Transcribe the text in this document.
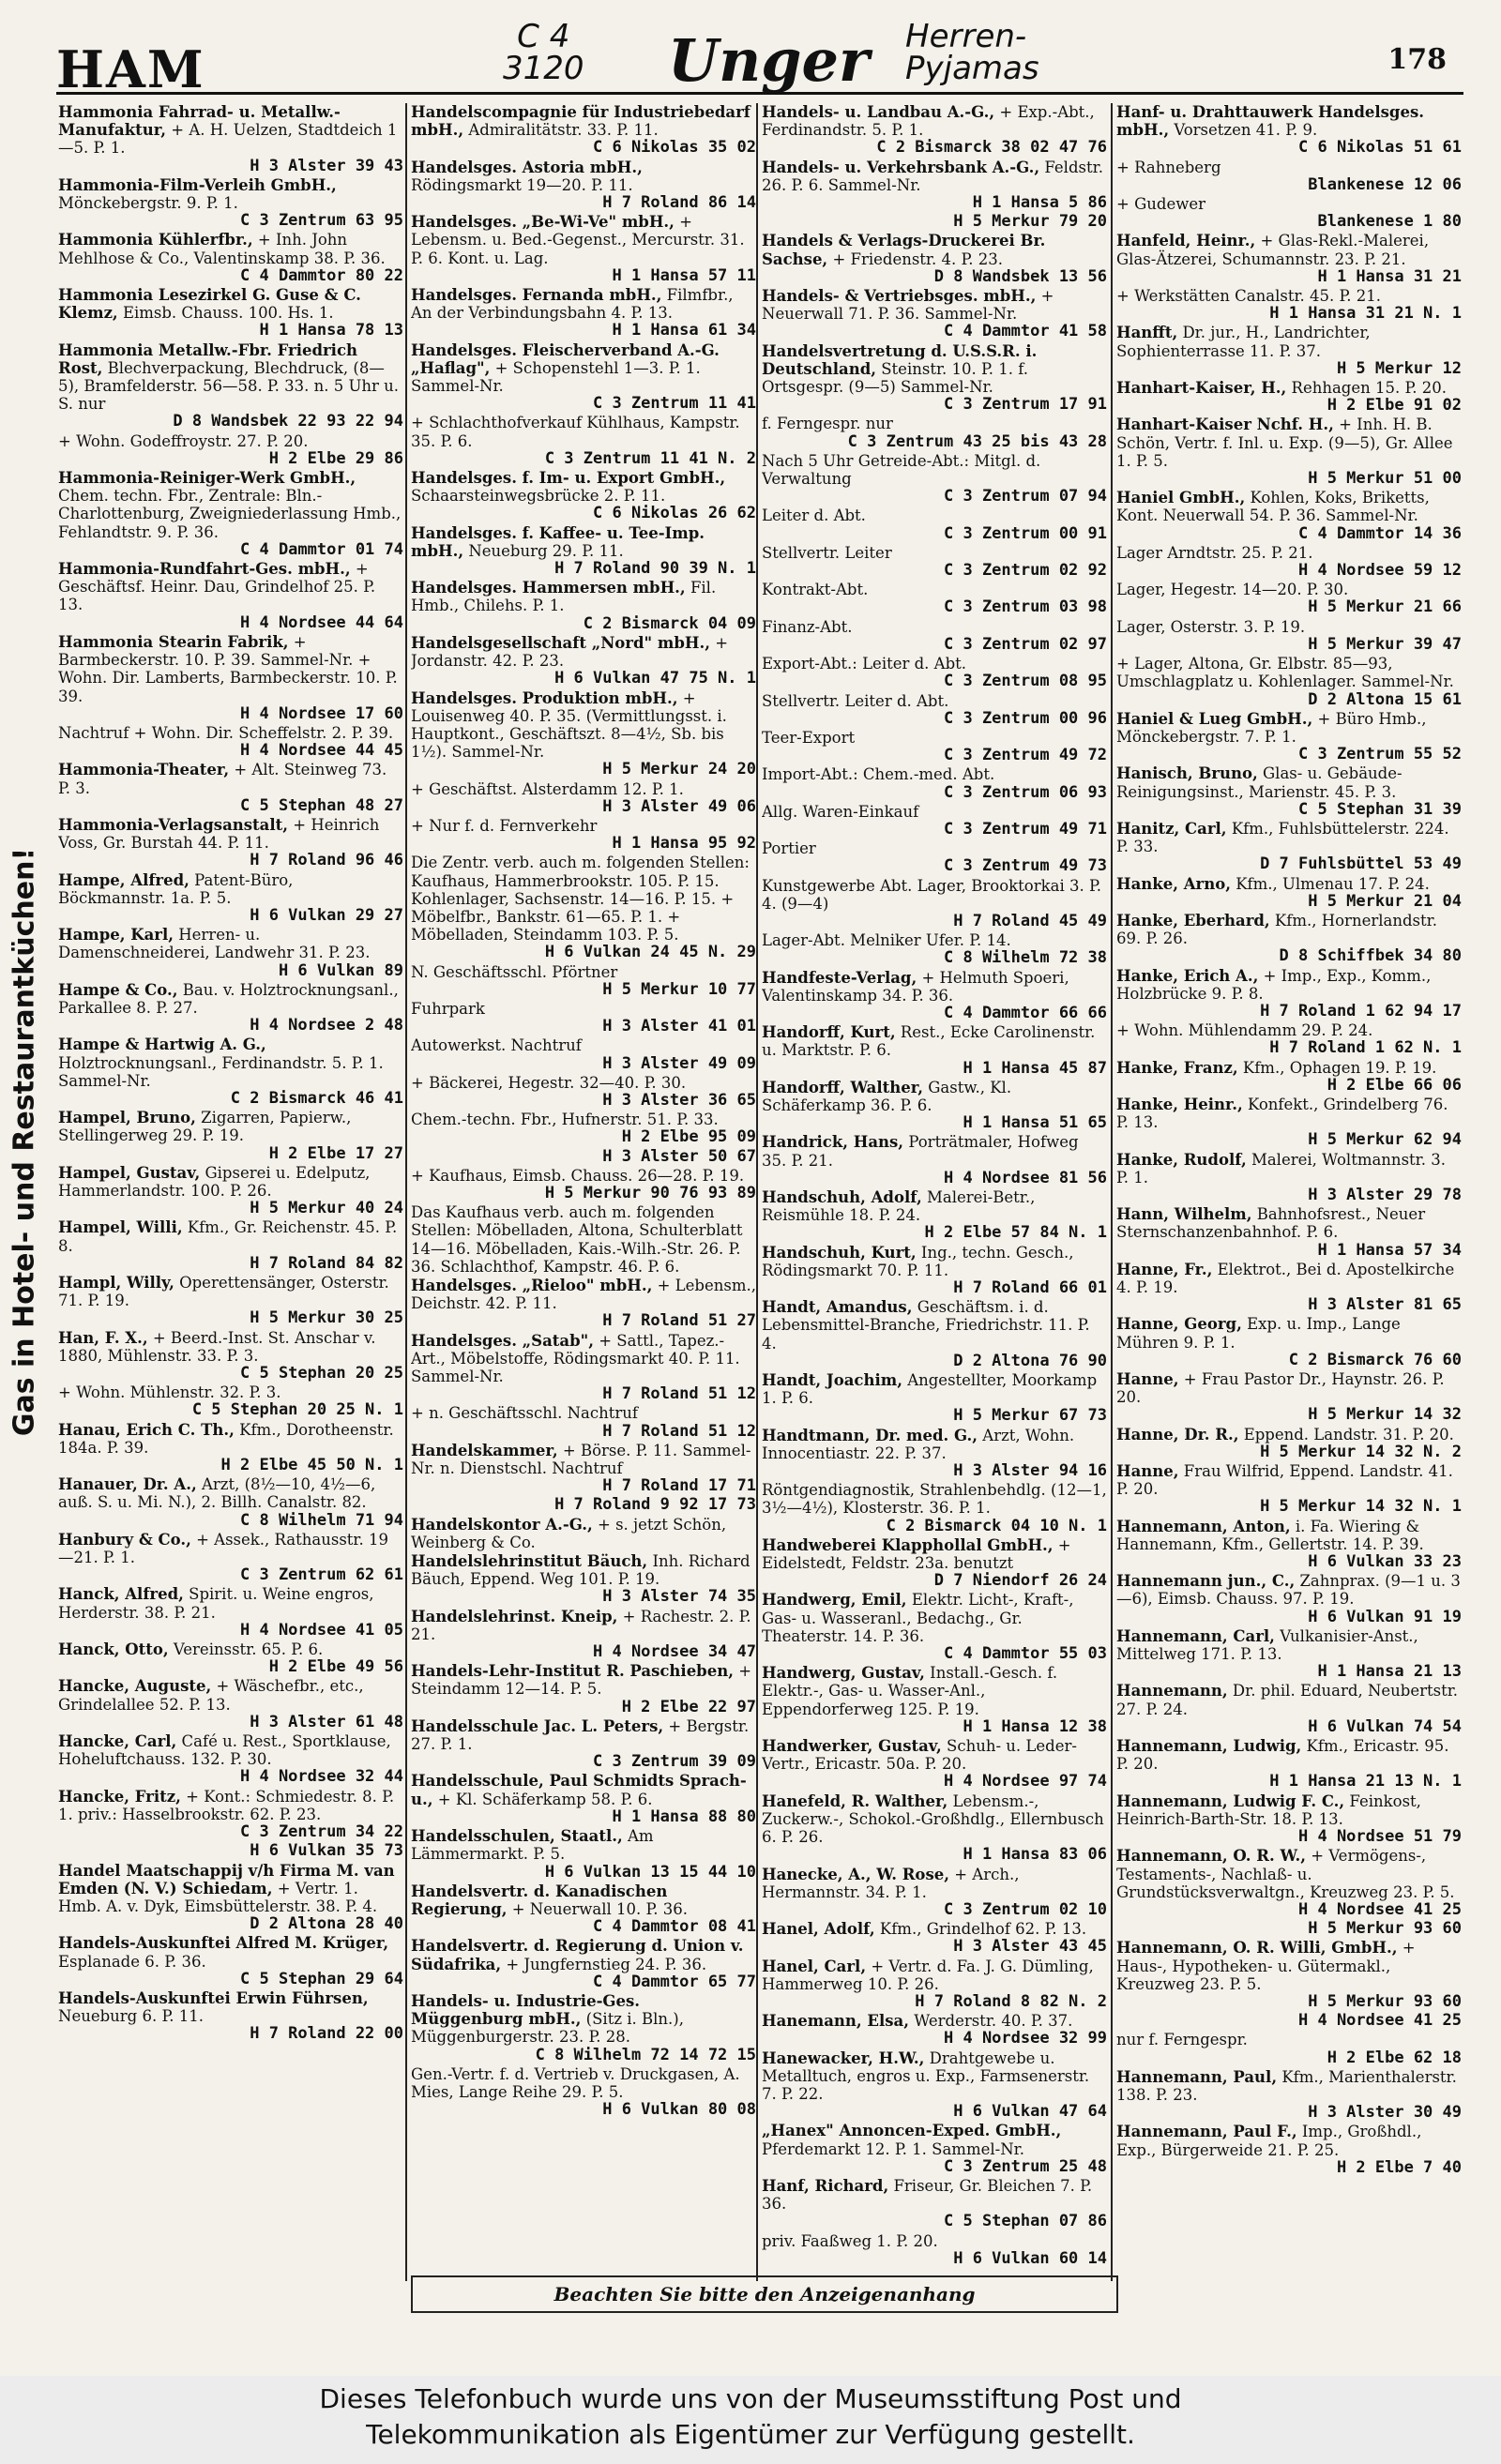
HAM
C 4
3120 Unger Herren-
Pyjamas	178
Gas in Hotel- und Restaurantküchen!
Hammonia Fahrrad- u. Metallw.-Manufaktur, + A. H. Uelzen, Stadtdeich 1—5. P. 1.
H 3 Alster 39 43
Hammonia-Film-Verleih GmbH., Mönckebergstr. 9. P. 1.
C 3 Zentrum 63 95
Hammonia Kühlerfbr., + Inh. John Mehlhose & Co., Valentinskamp 38. P. 36.
C 4 Dammtor 80 22
Hammonia Lesezirkel G. Guse & C. Klemz, Eimsb. Chauss. 100. Hs. 1.
H 1 Hansa 78 13
Hammonia Metallw.-Fbr. Friedrich Rost, Blechverpackung, Blechdruck, (8—5), Bramfelderstr. 56—58. P. 33. n. 5 Uhr u. S. nur
D 8 Wandsbek 22 93 22 94
+ Wohn. Godeffroystr. 27. P. 20.
H 2 Elbe 29 86
Hammonia-Reiniger-Werk GmbH., Chem. techn. Fbr., Zentrale: Bln.-Charlottenburg, Zweigniederlassung Hmb., Fehlandtstr. 9. P. 36.
C 4 Dammtor 01 74
Hammonia-Rundfahrt-Ges. mbH., + Geschäftsf. Heinr. Dau, Grindelhof 25. P. 13.
H 4 Nordsee 44 64
Hammonia Stearin Fabrik, + Barmbeckerstr. 10. P. 39. Sammel-Nr. + Wohn. Dir. Lamberts, Barmbeckerstr. 10. P. 39.
H 4 Nordsee 17 60
Nachtruf + Wohn. Dir. Scheffelstr. 2. P. 39.
H 4 Nordsee 44 45
Hammonia-Theater, + Alt. Steinweg 73. P. 3.
C 5 Stephan 48 27
Hammonia-Verlagsanstalt, + Heinrich Voss, Gr. Burstah 44. P. 11.
H 7 Roland 96 46
Hampe, Alfred, Patent-Büro, Böckmannstr. 1a. P. 5.
H 6 Vulkan 29 27
Hampe, Karl, Herren- u. Damenschneiderei, Landwehr 31. P. 23.
H 6 Vulkan 89
Hampe & Co., Bau. v. Holztrocknungsanl., Parkallee 8. P. 27.
H 4 Nordsee 2 48
Hampe & Hartwig A. G., Holztrocknungsanl., Ferdinandstr. 5. P. 1. Sammel-Nr.
C 2 Bismarck 46 41
Hampel, Bruno, Zigarren, Papierw., Stellingerweg 29. P. 19.
H 2 Elbe 17 27
Hampel, Gustav, Gipserei u. Edelputz, Hammerlandstr. 100. P. 26.
H 5 Merkur 40 24
Hampel, Willi, Kfm., Gr. Reichenstr. 45. P. 8.
H 7 Roland 84 82
Hampl, Willy, Operettensänger, Osterstr. 71. P. 19.
H 5 Merkur 30 25
Han, F. X., + Beerd.-Inst. St. Anschar v. 1880, Mühlenstr. 33. P. 3.
C 5 Stephan 20 25
+ Wohn. Mühlenstr. 32. P. 3.
C 5 Stephan 20 25 N. 1
Hanau, Erich C. Th., Kfm., Dorotheenstr. 184a. P. 39.
H 2 Elbe 45 50 N. 1
Hanauer, Dr. A., Arzt, (8½—10, 4½—6, auß. S. u. Mi. N.), 2. Billh. Canalstr. 82.
C 8 Wilhelm 71 94
Hanbury & Co., + Assek., Rathausstr. 19—21. P. 1.
C 3 Zentrum 62 61
Hanck, Alfred, Spirit. u. Weine engros, Herderstr. 38. P. 21.
H 4 Nordsee 41 05
Hanck, Otto, Vereinsstr. 65. P. 6.
H 2 Elbe 49 56
Hancke, Auguste, + Wäschefbr., etc., Grindelallee 52. P. 13.
H 3 Alster 61 48
Hancke, Carl, Café u. Rest., Sportklause, Hoheluftchauss. 132. P. 30.
H 4 Nordsee 32 44
Hancke, Fritz, + Kont.: Schmiedestr. 8. P. 1. priv.: Hasselbrookstr. 62. P. 23.
C 3 Zentrum 34 22
H 6 Vulkan 35 73
Handel Maatschappij v/h Firma M. van Emden (N. V.) Schiedam, + Vertr. 1. Hmb. A. v. Dyk, Eimsbüttelerstr. 38. P. 4.
D 2 Altona 28 40
Handels-Auskunftei Alfred M. Krüger, Esplanade 6. P. 36.
C 5 Stephan 29 64
Handels-Auskunftei Erwin Führsen, Neueburg 6. P. 11.
H 7 Roland 22 00
Handelscompagnie für Industriebedarf mbH., Admiralitätstr. 33. P. 11.
C 6 Nikolas 35 02
Handelsges. Astoria mbH., Rödingsmarkt 19—20. P. 11.
H 7 Roland 86 14
Handelsges. „Be-Wi-Ve" mbH., + Lebensm. u. Bed.-Gegenst., Mercurstr. 31. P. 6. Kont. u. Lag.
H 1 Hansa 57 11
Handelsges. Fernanda mbH., Filmfbr., An der Verbindungsbahn 4. P. 13.
H 1 Hansa 61 34
Handelsges. Fleischerverband A.-G. „Haflag", + Schopenstehl 1—3. P. 1. Sammel-Nr.
C 3 Zentrum 11 41
+ Schlachthofverkauf Kühlhaus, Kampstr. 35. P. 6.
C 3 Zentrum 11 41 N. 2
Handelsges. f. Im- u. Export GmbH., Schaarsteinwegsbrücke 2. P. 11.
C 6 Nikolas 26 62
Handelsges. f. Kaffee- u. Tee-Imp. mbH., Neueburg 29. P. 11.
H 7 Roland 90 39 N. 1
Handelsges. Hammersen mbH., Fil. Hmb., Chilehs. P. 1.
C 2 Bismarck 04 09
Handelsgesellschaft „Nord" mbH., + Jordanstr. 42. P. 23.
H 6 Vulkan 47 75 N. 1
Handelsges. Produktion mbH., + Louisenweg 40. P. 35. (Vermittlungsst. i. Hauptkont., Geschäftszt. 8—4½, Sb. bis 1½). Sammel-Nr.
H 5 Merkur 24 20
+ Geschäftst. Alsterdamm 12. P. 1.
H 3 Alster 49 06
+ Nur f. d. Fernverkehr
H 1 Hansa 95 92
Die Zentr. verb. auch m. folgenden Stellen: Kaufhaus, Hammerbrookstr. 105. P. 15. Kohlenlager, Sachsenstr. 14—16. P. 15. + Möbelfbr., Bankstr. 61—65. P. 1. + Möbelladen, Steindamm 103. P. 5.
H 6 Vulkan 24 45 N. 29
N. Geschäftsschl. Pförtner
H 5 Merkur 10 77
Fuhrpark
H 3 Alster 41 01
Autowerkst. Nachtruf
H 3 Alster 49 09
+ Bäckerei, Hegestr. 32—40. P. 30.
H 3 Alster 36 65
Chem.-techn. Fbr., Hufnerstr. 51. P. 33.
H 2 Elbe 95 09
H 3 Alster 50 67
+ Kaufhaus, Eimsb. Chauss. 26—28. P. 19.
H 5 Merkur 90 76 93 89
Das Kaufhaus verb. auch m. folgenden Stellen: Möbelladen, Altona, Schulterblatt 14—16. Möbelladen, Kais.-Wilh.-Str. 26. P. 36. Schlachthof, Kampstr. 46. P. 6.
Handelsges. „Rieloo" mbH., + Lebensm., Deichstr. 42. P. 11.
H 7 Roland 51 27
Handelsges. „Satab", + Sattl., Tapez.-Art., Möbelstoffe, Rödingsmarkt 40. P. 11. Sammel-Nr.
H 7 Roland 51 12
+ n. Geschäftsschl. Nachtruf
H 7 Roland 51 12
Handelskammer, + Börse. P. 11. Sammel-Nr. n. Dienstschl. Nachtruf
H 7 Roland 17 71
H 7 Roland 9 92 17 73
Handelskontor A.-G., + s. jetzt Schön, Weinberg & Co.
Handelslehrinstitut Bäuch, Inh. Richard Bäuch, Eppend. Weg 101. P. 19.
H 3 Alster 74 35
Handelslehrinst. Kneip, + Rachestr. 2. P. 21.
H 4 Nordsee 34 47
Handels-Lehr-Institut R. Paschieben, + Steindamm 12—14. P. 5.
H 2 Elbe 22 97
Handelsschule Jac. L. Peters, + Bergstr. 27. P. 1.
C 3 Zentrum 39 09
Handelsschule, Paul Schmidts Sprach- u., + Kl. Schäferkamp 58. P. 6.
H 1 Hansa 88 80
Handelsschulen, Staatl., Am Lämmermarkt. P. 5.
H 6 Vulkan 13 15 44 10
Handelsvertr. d. Kanadischen Regierung, + Neuerwall 10. P. 36.
C 4 Dammtor 08 41
Handelsvertr. d. Regierung d. Union v. Südafrika, + Jungfernstieg 24. P. 36.
C 4 Dammtor 65 77
Handels- u. Industrie-Ges. Müggenburg mbH., (Sitz i. Bln.), Müggenburgerstr. 23. P. 28.
C 8 Wilhelm 72 14 72 15
Gen.-Vertr. f. d. Vertrieb v. Druckgasen, A. Mies, Lange Reihe 29. P. 5.
H 6 Vulkan 80 08
Handels- u. Landbau A.-G., + Exp.-Abt., Ferdinandstr. 5. P. 1.
C 2 Bismarck 38 02 47 76
Handels- u. Verkehrsbank A.-G., Feldstr. 26. P. 6. Sammel-Nr.
H 1 Hansa 5 86
H 5 Merkur 79 20
Handels & Verlags-Druckerei Br. Sachse, + Friedenstr. 4. P. 23.
D 8 Wandsbek 13 56
Handels- & Vertriebsges. mbH., + Neuerwall 71. P. 36. Sammel-Nr.
C 4 Dammtor 41 58
Handelsvertretung d. U.S.S.R. i. Deutschland, Steinstr. 10. P. 1. f. Ortsgespr. (9—5) Sammel-Nr.
C 3 Zentrum 17 91
f. Ferngespr. nur
C 3 Zentrum 43 25 bis 43 28
Nach 5 Uhr Getreide-Abt.: Mitgl. d. Verwaltung
C 3 Zentrum 07 94
Leiter d. Abt.
C 3 Zentrum 00 91
Stellvertr. Leiter
C 3 Zentrum 02 92
Kontrakt-Abt.
C 3 Zentrum 03 98
Finanz-Abt.
C 3 Zentrum 02 97
Export-Abt.: Leiter d. Abt.
C 3 Zentrum 08 95
Stellvertr. Leiter d. Abt.
C 3 Zentrum 00 96
Teer-Export
C 3 Zentrum 49 72
Import-Abt.: Chem.-med. Abt.
C 3 Zentrum 06 93
Allg. Waren-Einkauf
C 3 Zentrum 49 71
Portier
C 3 Zentrum 49 73
Kunstgewerbe Abt. Lager, Brooktorkai 3. P. 4. (9—4)
H 7 Roland 45 49
Lager-Abt. Melniker Ufer. P. 14.
C 8 Wilhelm 72 38
Handfeste-Verlag, + Helmuth Spoeri, Valentinskamp 34. P. 36.
C 4 Dammtor 66 66
Handorff, Kurt, Rest., Ecke Carolinenstr. u. Marktstr. P. 6.
H 1 Hansa 45 87
Handorff, Walther, Gastw., Kl. Schäferkamp 36. P. 6.
H 1 Hansa 51 65
Handrick, Hans, Porträtmaler, Hofweg 35. P. 21.
H 4 Nordsee 81 56
Handschuh, Adolf, Malerei-Betr., Reismühle 18. P. 24.
H 2 Elbe 57 84 N. 1
Handschuh, Kurt, Ing., techn. Gesch., Rödingsmarkt 70. P. 11.
H 7 Roland 66 01
Handt, Amandus, Geschäftsm. i. d. Lebensmittel-Branche, Friedrichstr. 11. P. 4.
D 2 Altona 76 90
Handt, Joachim, Angestellter, Moorkamp 1. P. 6.
H 5 Merkur 67 73
Handtmann, Dr. med. G., Arzt, Wohn. Innocentiastr. 22. P. 37.
H 3 Alster 94 16
Röntgendiagnostik, Strahlenbehdlg. (12—1, 3½—4½), Klosterstr. 36. P. 1.
C 2 Bismarck 04 10 N. 1
Handweberei Klapphollal GmbH., + Eidelstedt, Feldstr. 23a. benutzt
D 7 Niendorf 26 24
Handwerg, Emil, Elektr. Licht-, Kraft-, Gas- u. Wasseranl., Bedachg., Gr. Theaterstr. 14. P. 36.
C 4 Dammtor 55 03
Handwerg, Gustav, Install.-Gesch. f. Elektr.-, Gas- u. Wasser-Anl., Eppendorferweg 125. P. 19.
H 1 Hansa 12 38
Handwerker, Gustav, Schuh- u. Leder-Vertr., Ericastr. 50a. P. 20.
H 4 Nordsee 97 74
Hanefeld, R. Walther, Lebensm.-, Zuckerw.-, Schokol.-Großhdlg., Ellernbusch 6. P. 26.
H 1 Hansa 83 06
Hanecke, A., W. Rose, + Arch., Hermannstr. 34. P. 1.
C 3 Zentrum 02 10
Hanel, Adolf, Kfm., Grindelhof 62. P. 13.
H 3 Alster 43 45
Hanel, Carl, + Vertr. d. Fa. J. G. Dümling, Hammerweg 10. P. 26.
H 7 Roland 8 82 N. 2
Hanemann, Elsa, Werderstr. 40. P. 37.
H 4 Nordsee 32 99
Hanewacker, H.W., Drahtgewebe u. Metalltuch, engros u. Exp., Farmsenerstr. 7. P. 22.
H 6 Vulkan 47 64
„Hanex" Annoncen-Exped. GmbH., Pferdemarkt 12. P. 1. Sammel-Nr.
C 3 Zentrum 25 48
Hanf, Richard, Friseur, Gr. Bleichen 7. P. 36.
C 5 Stephan 07 86
priv. Faaßweg 1. P. 20.
H 6 Vulkan 60 14
Hanf- u. Drahttauwerk Handelsges. mbH., Vorsetzen 41. P. 9.
C 6 Nikolas 51 61
+ Rahneberg
Blankenese 12 06
+ Gudewer
Blankenese 1 80
Hanfeld, Heinr., + Glas-Rekl.-Malerei, Glas-Ätzerei, Schumannstr. 23. P. 21.
H 1 Hansa 31 21
+ Werkstätten Canalstr. 45. P. 21.
H 1 Hansa 31 21 N. 1
Hanfft, Dr. jur., H., Landrichter, Sophienterrasse 11. P. 37.
H 5 Merkur 12
Hanhart-Kaiser, H., Rehhagen 15. P. 20.
H 2 Elbe 91 02
Hanhart-Kaiser Nchf. H., + Inh. H. B. Schön, Vertr. f. Inl. u. Exp. (9—5), Gr. Allee 1. P. 5.
H 5 Merkur 51 00
Haniel GmbH., Kohlen, Koks, Briketts, Kont. Neuerwall 54. P. 36. Sammel-Nr.
C 4 Dammtor 14 36
Lager Arndtstr. 25. P. 21.
H 4 Nordsee 59 12
Lager, Hegestr. 14—20. P. 30.
H 5 Merkur 21 66
Lager, Osterstr. 3. P. 19.
H 5 Merkur 39 47
+ Lager, Altona, Gr. Elbstr. 85—93, Umschlagplatz u. Kohlenlager. Sammel-Nr.
D 2 Altona 15 61
Haniel & Lueg GmbH., + Büro Hmb., Mönckebergstr. 7. P. 1.
C 3 Zentrum 55 52
Hanisch, Bruno, Glas- u. Gebäude-Reinigungsinst., Marienstr. 45. P. 3.
C 5 Stephan 31 39
Hanitz, Carl, Kfm., Fuhlsbüttelerstr. 224. P. 33.
D 7 Fuhlsbüttel 53 49
Hanke, Arno, Kfm., Ulmenau 17. P. 24.
H 5 Merkur 21 04
Hanke, Eberhard, Kfm., Hornerlandstr. 69. P. 26.
D 8 Schiffbek 34 80
Hanke, Erich A., + Imp., Exp., Komm., Holzbrücke 9. P. 8.
H 7 Roland 1 62 94 17
+ Wohn. Mühlendamm 29. P. 24.
H 7 Roland 1 62 N. 1
Hanke, Franz, Kfm., Ophagen 19. P. 19.
H 2 Elbe 66 06
Hanke, Heinr., Konfekt., Grindelberg 76. P. 13.
H 5 Merkur 62 94
Hanke, Rudolf, Malerei, Woltmannstr. 3. P. 1.
H 3 Alster 29 78
Hann, Wilhelm, Bahnhofsrest., Neuer Sternschanzenbahnhof. P. 6.
H 1 Hansa 57 34
Hanne, Fr., Elektrot., Bei d. Apostelkirche 4. P. 19.
H 3 Alster 81 65
Hanne, Georg, Exp. u. Imp., Lange Mühren 9. P. 1.
C 2 Bismarck 76 60
Hanne, + Frau Pastor Dr., Haynstr. 26. P. 20.
H 5 Merkur 14 32
Hanne, Dr. R., Eppend. Landstr. 31. P. 20.
H 5 Merkur 14 32 N. 2
Hanne, Frau Wilfrid, Eppend. Landstr. 41. P. 20.
H 5 Merkur 14 32 N. 1
Hannemann, Anton, i. Fa. Wiering & Hannemann, Kfm., Gellertstr. 14. P. 39.
H 6 Vulkan 33 23
Hannemann jun., C., Zahnprax. (9—1 u. 3—6), Eimsb. Chauss. 97. P. 19.
H 6 Vulkan 91 19
Hannemann, Carl, Vulkanisier-Anst., Mittelweg 171. P. 13.
H 1 Hansa 21 13
Hannemann, Dr. phil. Eduard, Neubertstr. 27. P. 24.
H 6 Vulkan 74 54
Hannemann, Ludwig, Kfm., Ericastr. 95. P. 20.
H 1 Hansa 21 13 N. 1
Hannemann, Ludwig F. C., Feinkost, Heinrich-Barth-Str. 18. P. 13.
H 4 Nordsee 51 79
Hannemann, O. R. W., + Vermögens-, Testaments-, Nachlaß- u. Grundstücksverwaltgn., Kreuzweg 23. P. 5.
H 4 Nordsee 41 25
H 5 Merkur 93 60
Hannemann, O. R. Willi, GmbH., + Haus-, Hypotheken- u. Gütermakl., Kreuzweg 23. P. 5.
H 5 Merkur 93 60
H 4 Nordsee 41 25
nur f. Ferngespr.
H 2 Elbe 62 18
Hannemann, Paul, Kfm., Marienthalerstr. 138. P. 23.
H 3 Alster 30 49
Hannemann, Paul F., Imp., Großhdl., Exp., Bürgerweide 21. P. 25.
H 2 Elbe 7 40
Beachten Sie bitte den Anzeigenanhang
Dieses Telefonbuch wurde uns von der Museumsstiftung Post und
Telekommunikation als Eigentümer zur Verfügung gestellt.
